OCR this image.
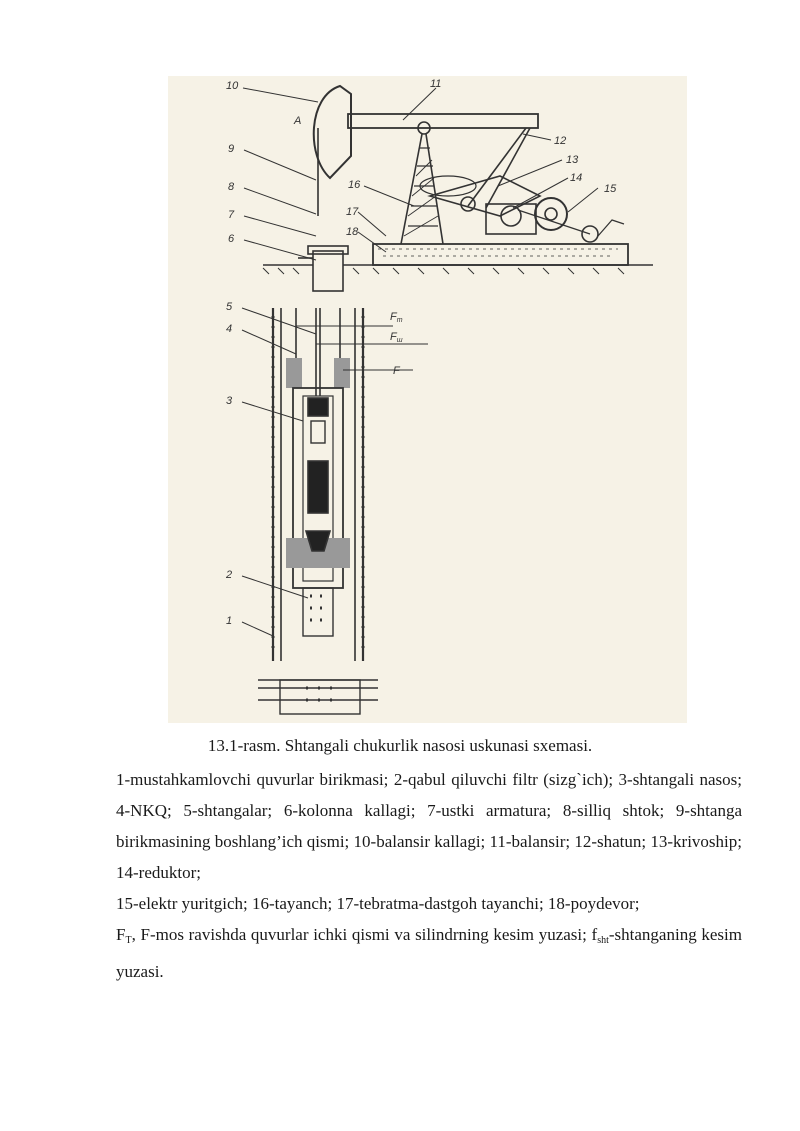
10	11
12
13
14
15
16
17
18
A
9
8
7
6
5
4
3
2
1
Fт
Fш
F
13.1-rasm. Shtangali chukurlik nasosi uskunasi sxemasi.

1-mustahkamlovchi quvurlar birikmasi; 2-qabul qiluvchi filtr (sizg`ich); 3-shtangali nasos; 4-NKQ; 5-shtangalar; 6-kolonna kallagi; 7-ustki armatura; 8-silliq shtok; 9-shtanga birikmasining boshlang’ich qismi; 10-balansir kallagi; 11-balansir; 12-shatun; 13-krivoship; 14-reduktor;

15-elektr yuritgich; 16-tayanch; 17-tebratma-dastgoh tayanchi; 18-poydevor;

$F_T$, F-mos ravishda quvurlar ichki qismi va silindrning kesim yuzasi; $f_{sht}$-shtanganing kesim yuzasi.
